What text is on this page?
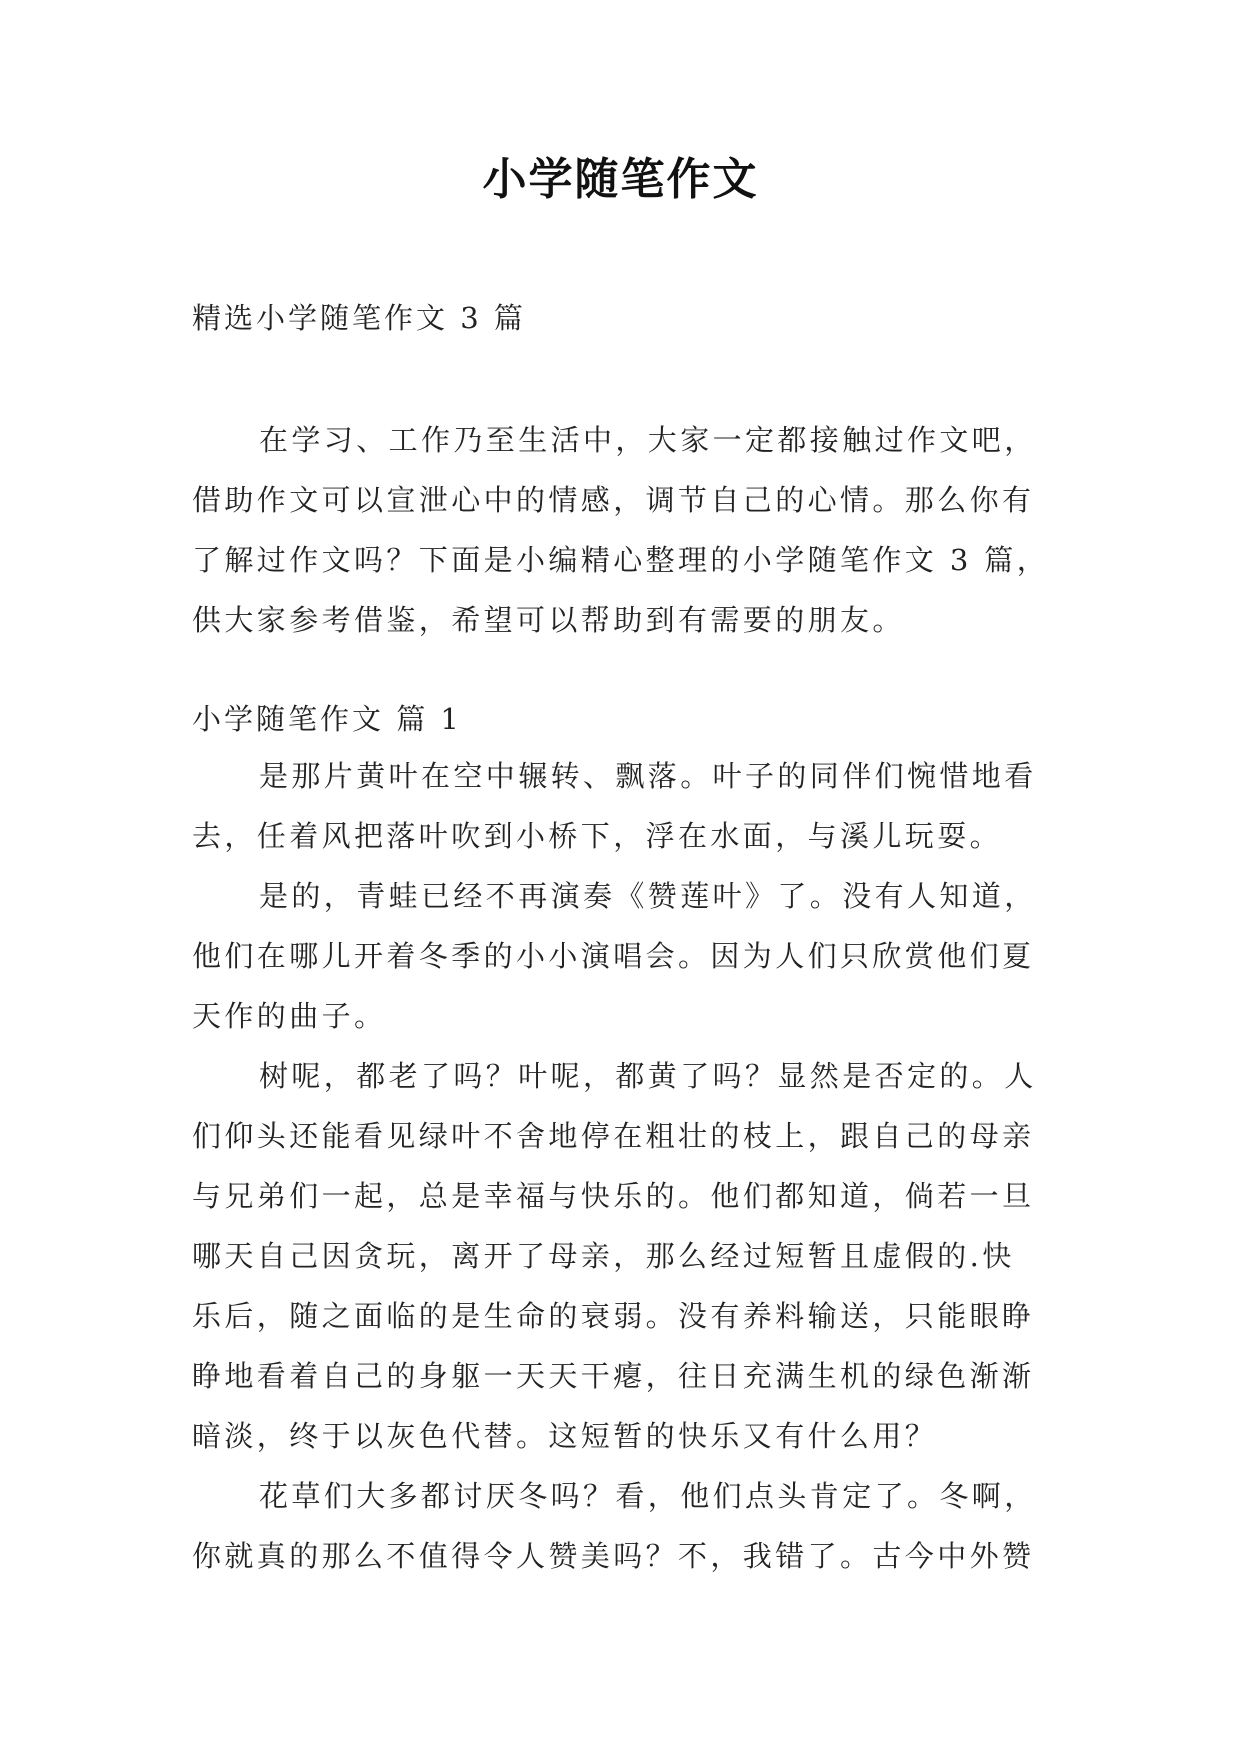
小学随笔作文

精选小学随笔作文 3 篇

在学习、工作乃至生活中，大家一定都接触过作文吧，
借助作文可以宣泄心中的情感，调节自己的心情。那么你有
了解过作文吗？下面是小编精心整理的小学随笔作文 3 篇，
供大家参考借鉴，希望可以帮助到有需要的朋友。

小学随笔作文 篇 1

是那片黄叶在空中辗转、飘落。叶子的同伴们惋惜地看
去，任着风把落叶吹到小桥下，浮在水面，与溪儿玩耍。
是的，青蛙已经不再演奏《赞莲叶》了。没有人知道，
他们在哪儿开着冬季的小小演唱会。因为人们只欣赏他们夏
天作的曲子。
树呢，都老了吗？叶呢，都黄了吗？显然是否定的。人
们仰头还能看见绿叶不舍地停在粗壮的枝上，跟自己的母亲
与兄弟们一起，总是幸福与快乐的。他们都知道，倘若一旦
哪天自己因贪玩，离开了母亲，那么经过短暂且虚假的.快
乐后，随之面临的是生命的衰弱。没有养料输送，只能眼睁
睁地看着自己的身躯一天天干瘪，往日充满生机的绿色渐渐
暗淡，终于以灰色代替。这短暂的快乐又有什么用？
花草们大多都讨厌冬吗？看，他们点头肯定了。冬啊，
你就真的那么不值得令人赞美吗？不，我错了。古今中外赞
